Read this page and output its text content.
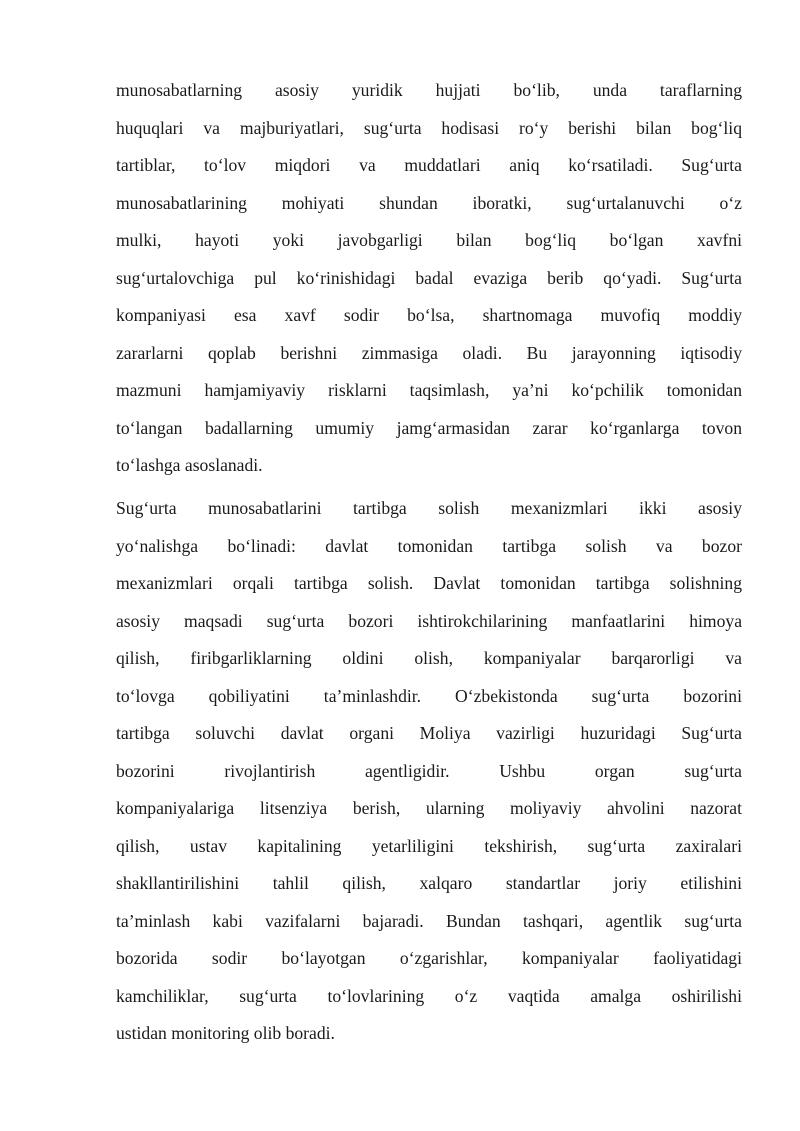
munosabatlarning asosiy yuridik hujjati bo‘lib, unda taraflarning
huquqlari va majburiyatlari, sug‘urta hodisasi ro‘y berishi bilan bog‘liq
tartiblar, to‘lov miqdori va muddatlari aniq ko‘rsatiladi. Sug‘urta
munosabatlarining mohiyati shundan iboratki, sug‘urtalanuvchi o‘z
mulki, hayoti yoki javobgarligi bilan bog‘liq bo‘lgan xavfni
sug‘urtalovchiga pul ko‘rinishidagi badal evaziga berib qo‘yadi. Sug‘urta
kompaniyasi esa xavf sodir bo‘lsa, shartnomaga muvofiq moddiy
zararlarni qoplab berishni zimmasiga oladi. Bu jarayonning iqtisodiy
mazmuni hamjamiyaviy risklarni taqsimlash, ya’ni ko‘pchilik tomonidan
to‘langan badallarning umumiy jamg‘armasidan zarar ko‘rganlarga tovon
to‘lashga asoslanadi.
Sug‘urta munosabatlarini tartibga solish mexanizmlari ikki asosiy
yo‘nalishga bo‘linadi: davlat tomonidan tartibga solish va bozor
mexanizmlari orqali tartibga solish. Davlat tomonidan tartibga solishning
asosiy maqsadi sug‘urta bozori ishtirokchilarining manfaatlarini himoya
qilish, firibgarliklarning oldini olish, kompaniyalar barqarorligi va
to‘lovga qobiliyatini ta’minlashdir. O‘zbekistonda sug‘urta bozorini
tartibga soluvchi davlat organi Moliya vazirligi huzuridagi Sug‘urta
bozorini rivojlantirish agentligidir. Ushbu organ sug‘urta
kompaniyalariga litsenziya berish, ularning moliyaviy ahvolini nazorat
qilish, ustav kapitalining yetarliligini tekshirish, sug‘urta zaxiralari
shakllantirilishini tahlil qilish, xalqaro standartlar joriy etilishini
ta’minlash kabi vazifalarni bajaradi. Bundan tashqari, agentlik sug‘urta
bozorida sodir bo‘layotgan o‘zgarishlar, kompaniyalar faoliyatidagi
kamchiliklar, sug‘urta to‘lovlarining o‘z vaqtida amalga oshirilishi
ustidan monitoring olib boradi.
